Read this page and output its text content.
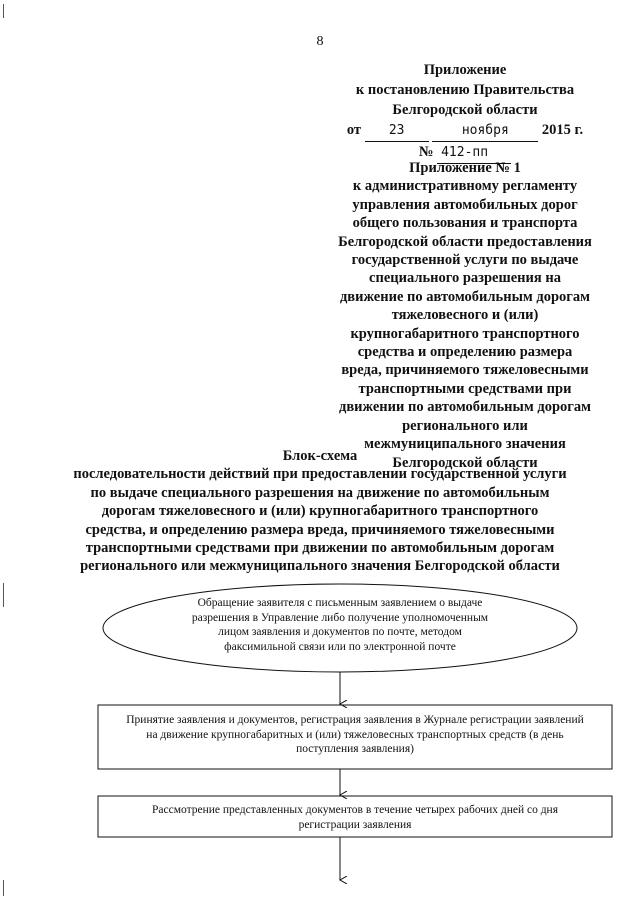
8
Приложение
к постановлению Правительства
Белгородской области
от 23	ноября 2015 г.
№ 412-пп
Приложение № 1
к административному регламенту
управления автомобильных дорог
общего пользования и транспорта
Белгородской области предоставления
государственной услуги по выдаче
специального разрешения на
движение по автомобильным дорогам
тяжеловесного и (или)
крупногабаритного транспортного
средства и определению размера
вреда, причиняемого тяжеловесными
транспортными средствами при
движении по автомобильным дорогам
регионального или
межмуниципального значения
Белгородской области
Блок-схема
последовательности действий при предоставлении государственной услуги
по выдаче специального разрешения на движение по автомобильным
дорогам тяжеловесного и (или) крупногабаритного транспортного
средства, и определению размера вреда, причиняемого тяжеловесными
транспортными средствами при движении по автомобильным дорогам
регионального или межмуниципального значения Белгородской области
Обращение заявителя с письменным заявлением о выдаче
разрешения в Управление либо получение уполномоченным
лицом заявления и документов по почте, методом
факсимильной связи или по электронной почте
Принятие заявления и документов, регистрация заявления в Журнале регистрации заявлений
на движение крупногабаритных и (или) тяжеловесных транспортных средств (в день
поступления заявления)
Рассмотрение представленных документов в течение четырех рабочих дней со дня
регистрации заявления
